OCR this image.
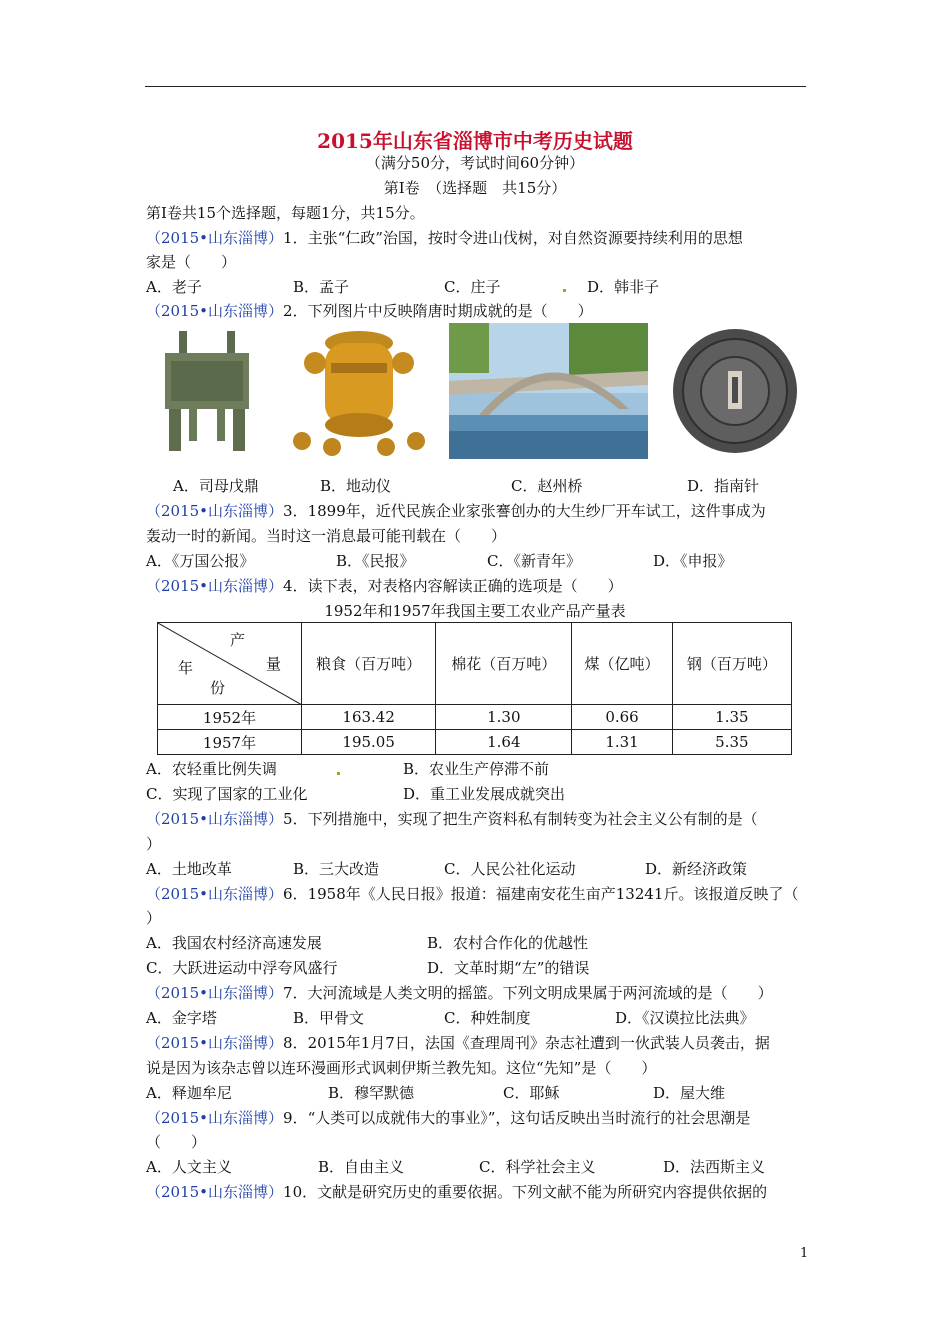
2015年山东省淄博市中考历史试题
（满分50分，考试时间60分钟）
第Ⅰ卷　（选择题　共15分）
第Ⅰ卷共15个选择题，每题1分，共15分。
（2015•山东淄博）1．主张“仁政”治国，按时令进山伐树，对自然资源要持续利用的思想
家是（　　）
A．老子	B．孟子	C．庄子	D．韩非子
（2015•山东淄博）2．下列图片中反映隋唐时期成就的是（　　）
A．司母戊鼎	B．地动仪	C．赵州桥	D．指南针
（2015•山东淄博）3．1899年，近代民族企业家张謇创办的大生纱厂开车试工，这件事成为
轰动一时的新闻。当时这一消息最可能刊载在（　　）
A．《万国公报》	B．《民报》	C．《新青年》	D．《申报》
（2015•山东淄博）4．读下表，对表格内容解读正确的选项是（　　）
1952年和1957年我国主要工农业产品产量表
产
量
年
份	粮食（百万吨）	棉花（百万吨）	煤（亿吨）	钢（百万吨）
1952年	163.42	1.30	0.66	1.35
1957年	195.05	1.64	1.31	5.35
A．农轻重比例失调	B．农业生产停滞不前
C．实现了国家的工业化	D．重工业发展成就突出
（2015•山东淄博）5．下列措施中，实现了把生产资料私有制转变为社会主义公有制的是（
）
A．土地改革	B．三大改造	C．人民公社化运动	D．新经济政策
（2015•山东淄博）6．1958年《人民日报》报道：福建南安花生亩产13241斤。该报道反映了（
）
A．我国农村经济高速发展	B．农村合作化的优越性
C．大跃进运动中浮夸风盛行	D．文革时期“左”的错误
（2015•山东淄博）7．大河流域是人类文明的摇篮。下列文明成果属于两河流域的是（　　）
A．金字塔	B．甲骨文	C．种姓制度	D．《汉谟拉比法典》
（2015•山东淄博）8．2015年1月7日，法国《查理周刊》杂志社遭到一伙武装人员袭击，据
说是因为该杂志曾以连环漫画形式讽刺伊斯兰教先知。这位“先知”是（　　）
A．释迦牟尼	B．穆罕默德	C．耶稣	D．屋大维
（2015•山东淄博）9．“人类可以成就伟大的事业》”，这句话反映出当时流行的社会思潮是
（　　）
A．人文主义	B．自由主义	C．科学社会主义	D．法西斯主义
（2015•山东淄博）10．文献是研究历史的重要依据。下列文献不能为所研究内容提供依据的
1
